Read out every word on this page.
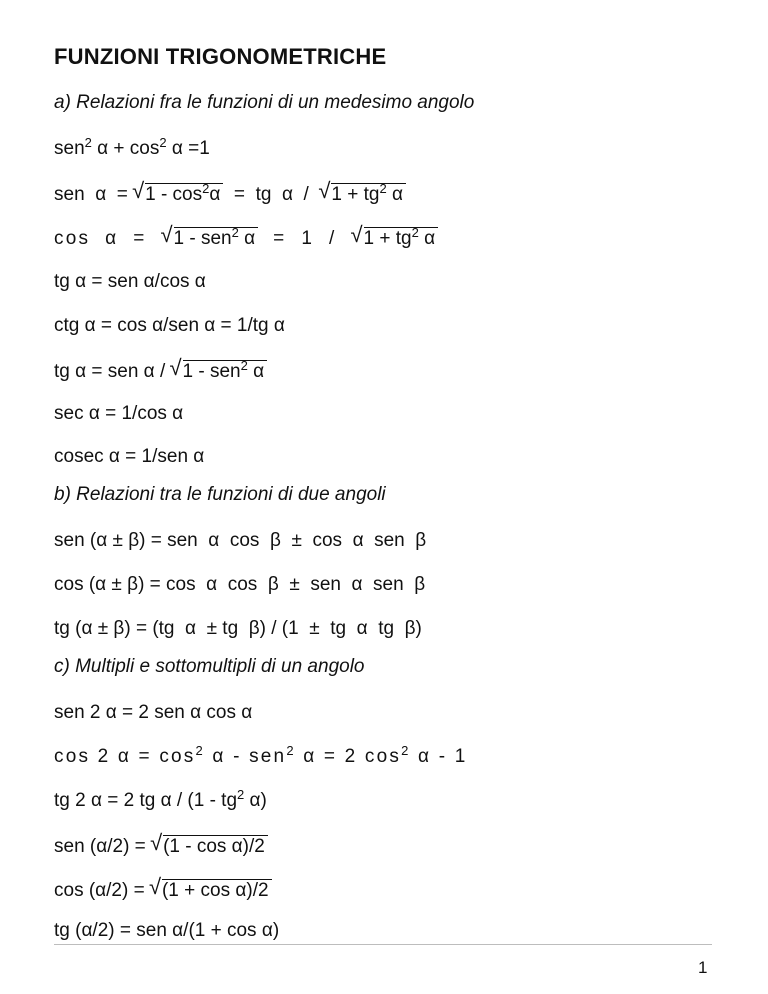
FUNZIONI TRIGONOMETRICHE
a) Relazioni fra le funzioni di un medesimo angolo
sen$^2$ $\alpha + \cos^2 \alpha =1$
sen  α  = √ $1 - \cos^2\alpha$  =  tg  α  /  √ $1 + tg^2$ α
cos  α  =  √ 1 - sen$^2$ α  =  1  /  √ $1 + tg^2$ α
tg α = sen α/cos α
ctg α = cos α/sen α = 1/tg α
tg α = sen α / √ 1 - sen$^2$ α
sec α = 1/cos α
cosec α = 1/sen α
b) Relazioni tra le funzioni di due angoli
sen (α ± β) = sen  α  cos  β  ±  cos  α  sen  β
cos (α ± β) = cos  α  cos  β  ±  sen  α  sen  β
tg (α ± β) = (tg  α  ± tg  β) / (1  ±  tg  α  tg  β)
c) Multipli e sottomultipli di un angolo
sen 2 α = 2 sen α cos α
cos 2 $\alpha = \cos^2 \alpha - sen^2$ α = 2 $\cos^2 \alpha - 1$
tg 2 α = 2 tg α / ($1 - tg^2$ α)
sen (α/2) = √ (1 - cos α)/2
cos (α/2) = √ (1 + cos α)/2
tg (α/2) = sen α/(1 + cos α)
1
